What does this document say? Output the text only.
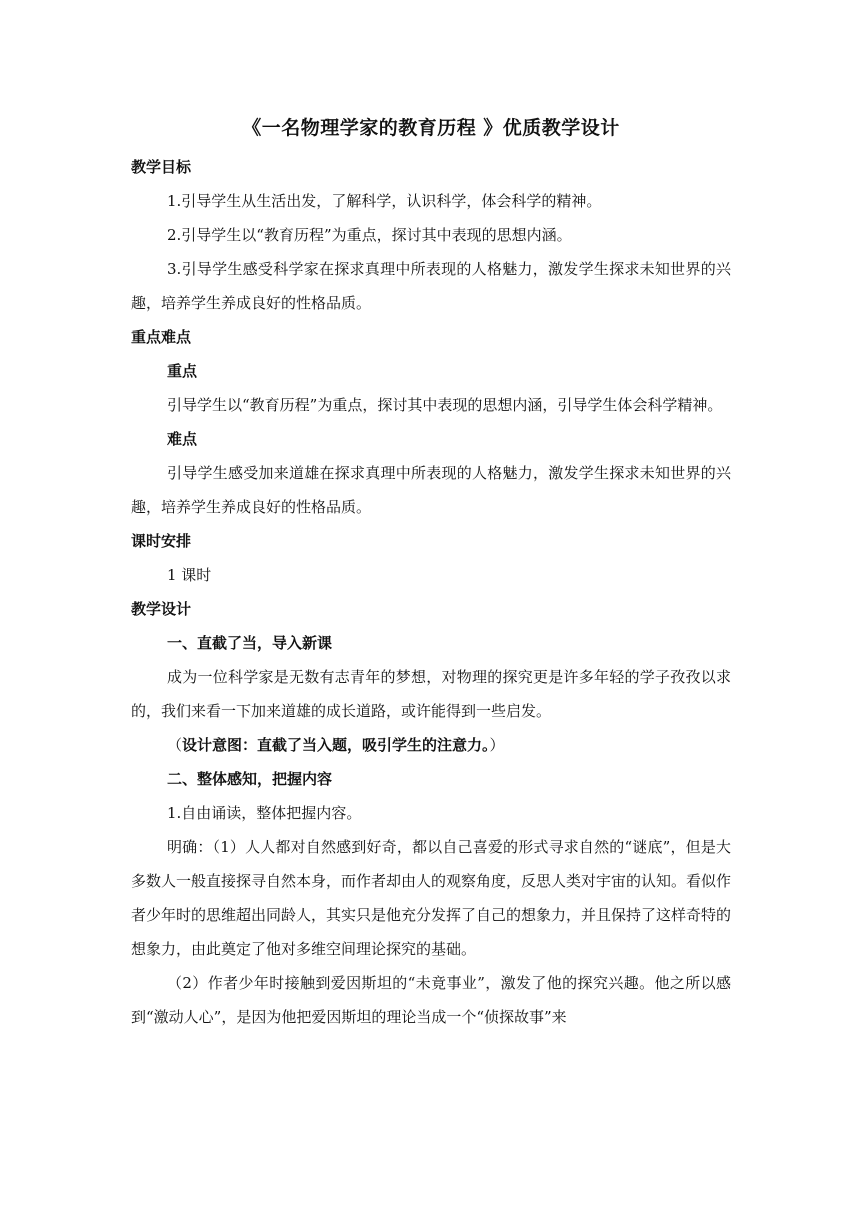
《一名物理学家的教育历程 》优质教学设计

教学目标

1.引导学生从生活出发，了解科学，认识科学，体会科学的精神。

2.引导学生以“教育历程”为重点，探讨其中表现的思想内涵。

3.引导学生感受科学家在探求真理中所表现的人格魅力，激发学生探求未知世界的兴趣，培养学生养成良好的性格品质。

重点难点

重点

引导学生以“教育历程”为重点，探讨其中表现的思想内涵，引导学生体会科学精神。

难点

引导学生感受加来道雄在探求真理中所表现的人格魅力，激发学生探求未知世界的兴趣，培养学生养成良好的性格品质。

课时安排

1 课时

教学设计

一、直截了当，导入新课

成为一位科学家是无数有志青年的梦想，对物理的探究更是许多年轻的学子孜孜以求的，我们来看一下加来道雄的成长道路，或许能得到一些启发。

（设计意图：直截了当入题，吸引学生的注意力。）

二、整体感知，把握内容

1.自由诵读，整体把握内容。

明确：（1）人人都对自然感到好奇，都以自己喜爱的形式寻求自然的“谜底”，但是大多数人一般直接探寻自然本身，而作者却由人的观察角度，反思人类对宇宙的认知。看似作者少年时的思维超出同龄人，其实只是他充分发挥了自己的想象力，并且保持了这样奇特的想象力，由此奠定了他对多维空间理论探究的基础。

（2）作者少年时接触到爱因斯坦的“未竟事业”，激发了他的探究兴趣。他之所以感到“激动人心”，是因为他把爱因斯坦的理论当成一个“侦探故事”来
